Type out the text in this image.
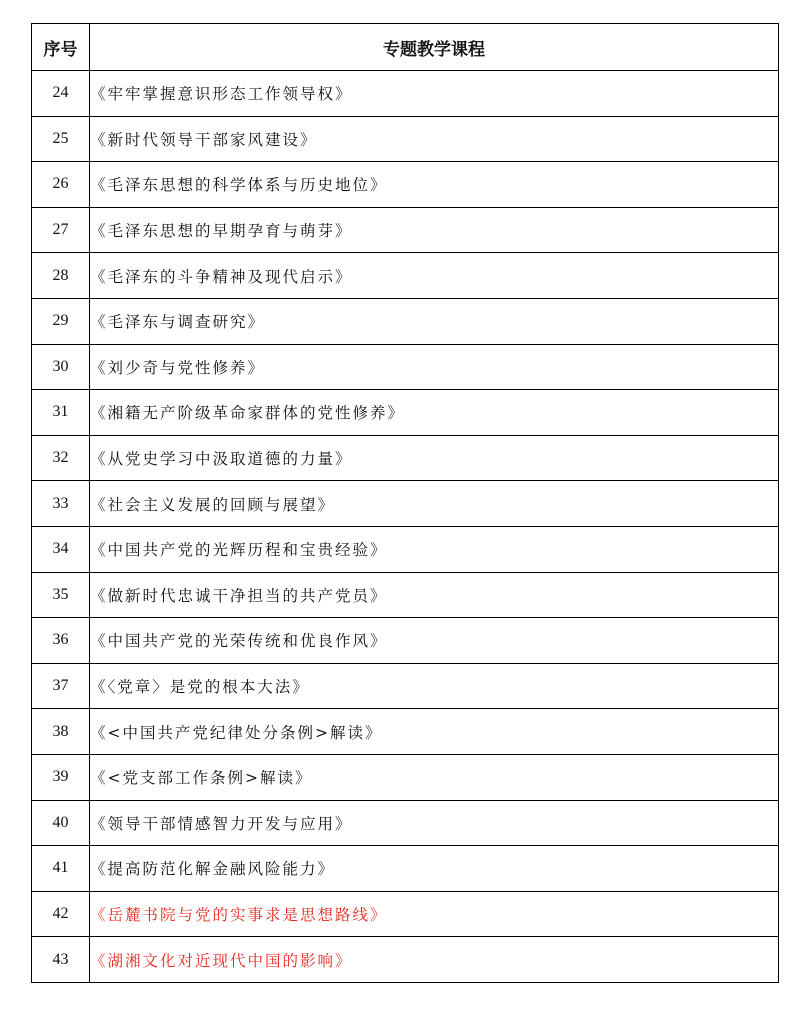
序号	专题教学课程
24	《牢牢掌握意识形态工作领导权》
25	《新时代领导干部家风建设》
26	《毛泽东思想的科学体系与历史地位》
27	《毛泽东思想的早期孕育与萌芽》
28	《毛泽东的斗争精神及现代启示》
29	《毛泽东与调查研究》
30	《刘少奇与党性修养》
31	《湘籍无产阶级革命家群体的党性修养》
32	《从党史学习中汲取道德的力量》
33	《社会主义发展的回顾与展望》
34	《中国共产党的光辉历程和宝贵经验》
35	《做新时代忠诚干净担当的共产党员》
36	《中国共产党的光荣传统和优良作风》
37	《〈党章〉是党的根本大法》
38	《<中国共产党纪律处分条例>解读》
39	《<党支部工作条例>解读》
40	《领导干部情感智力开发与应用》
41	《提高防范化解金融风险能力》
42	《岳麓书院与党的实事求是思想路线》
43	《湖湘文化对近现代中国的影响》
